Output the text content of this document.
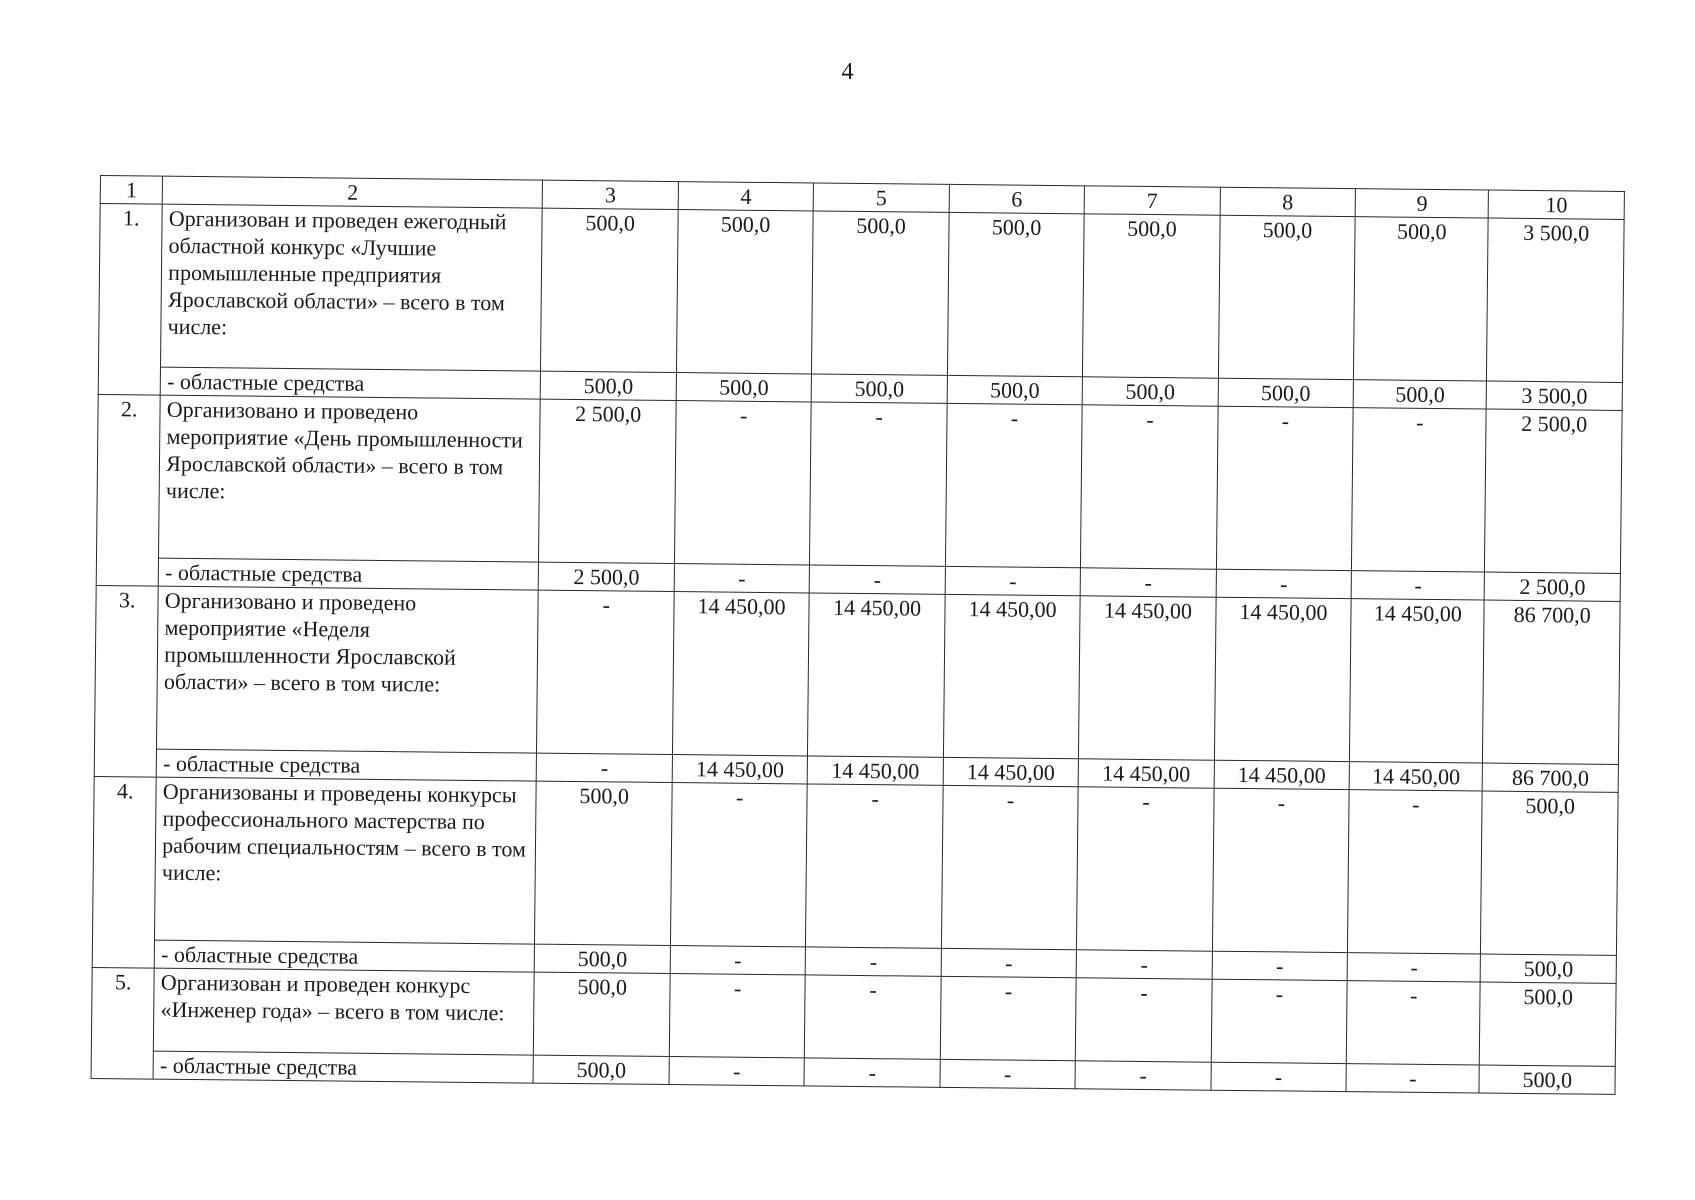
4
1	2	3	4	5	6	7	8	9	10
1.	Организован и проведен ежегодный областной конкурс «Лучшие промышленные предприятия Ярославской области» – всего в том числе:	500,0	500,0	500,0	500,0	500,0	500,0	500,0	3 500,0
	- областные средства	500,0	500,0	500,0	500,0	500,0	500,0	500,0	3 500,0
2.	Организовано и проведено мероприятие «День промышленности Ярославской области» – всего в том числе:	2 500,0	-	-	-	-	-	-	2 500,0
	- областные средства	2 500,0	-	-	-	-	-	-	2 500,0
3.	Организовано и проведено мероприятие «Неделя промышленности Ярославской области» – всего в том числе:	-	14 450,00	14 450,00	14 450,00	14 450,00	14 450,00	14 450,00	86 700,0
	- областные средства	-	14 450,00	14 450,00	14 450,00	14 450,00	14 450,00	14 450,00	86 700,0
4.	Организованы и проведены конкурсы профессионального мастерства по рабочим специальностям – всего в том числе:	500,0	-	-	-	-	-	-	500,0
	- областные средства	500,0	-	-	-	-	-	-	500,0
5.	Организован и проведен конкурс «Инженер года» – всего в том числе:	500,0	-	-	-	-	-	-	500,0
	- областные средства	500,0	-	-	-	-	-	-	500,0
